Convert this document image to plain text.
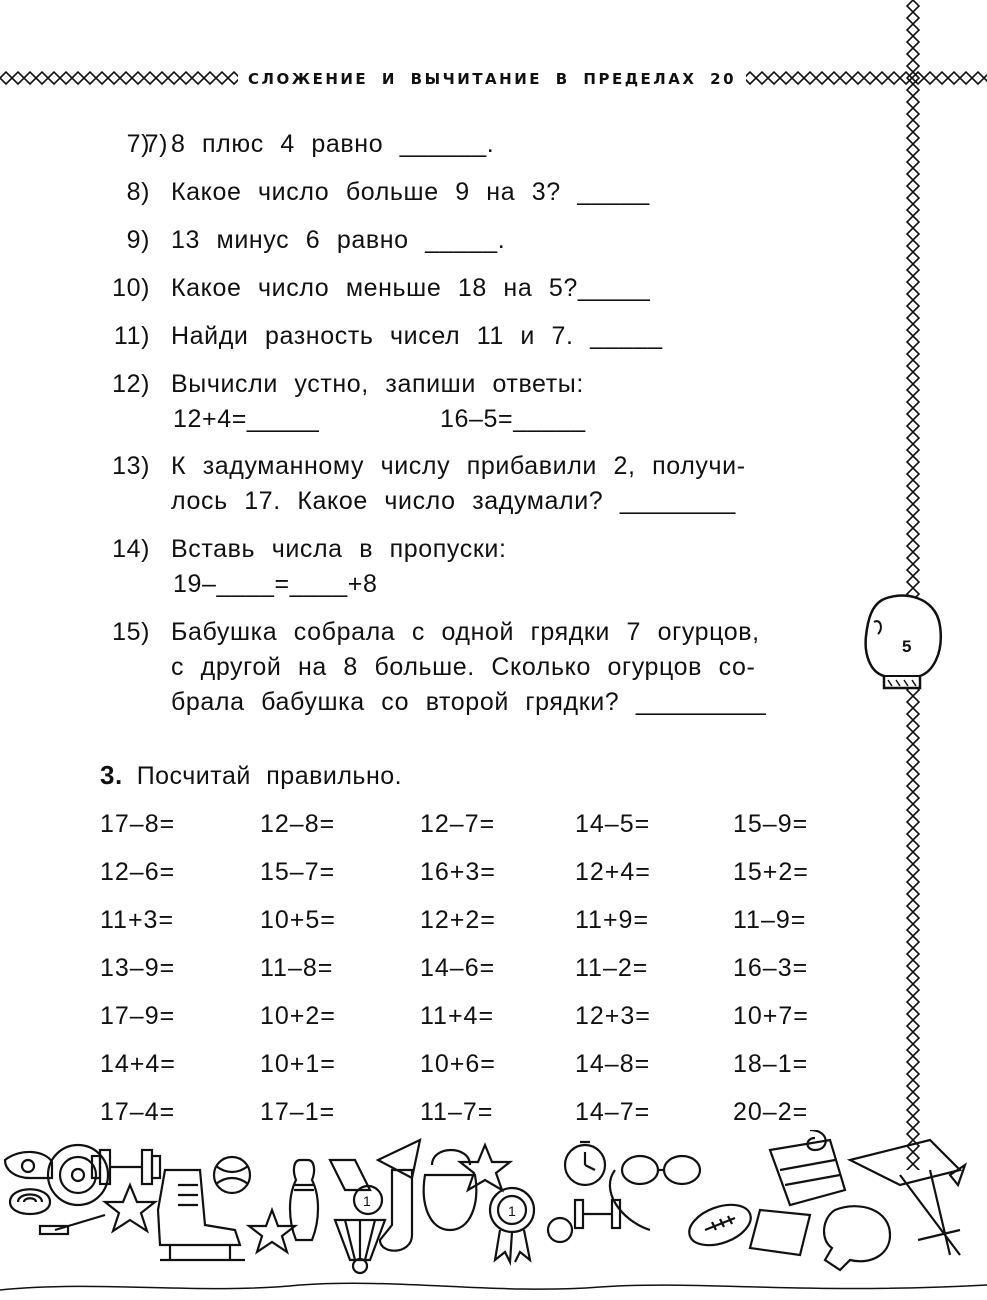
СЛОЖЕНИЕ И ВЫЧИТАНИЕ В ПРЕДЕЛАХ 20
7)
7) 8 плюс 4 равно ______.
8) Какое число больше 9 на 3? _____
9) 13 минус 6 равно _____.
10) Какое число меньше 18 на 5?_____
11) Найди разность чисел 11 и 7. _____
12) Вычисли устно, запиши ответы:
12+4=_____	16–5=_____
13) К задуманному числу прибавили 2, получи-
лось 17. Какое число задумали? ________
14) Вставь числа в пропуски:
19–____=____+8
15) Бабушка собрала с одной грядки 7 огурцов,
с другой на 8 больше. Сколько огурцов со-
брала бабушка со второй грядки? _________
5
3. Посчитай правильно.
17–8=	12–8=	12–7=	14–5=	15–9=
12–6=	15–7=	16+3=	12+4=	15+2=
11+3=	10+5=	12+2=	11+9=	11–9=
13–9=	11–8=	14–6=	11–2=	16–3=
17–9=	10+2=	11+4=	12+3=	10+7=
14+4=	10+1=	10+6=	14–8=	18–1=
17–4=	17–1=	11–7=	14–7=	20–2=
1
1
